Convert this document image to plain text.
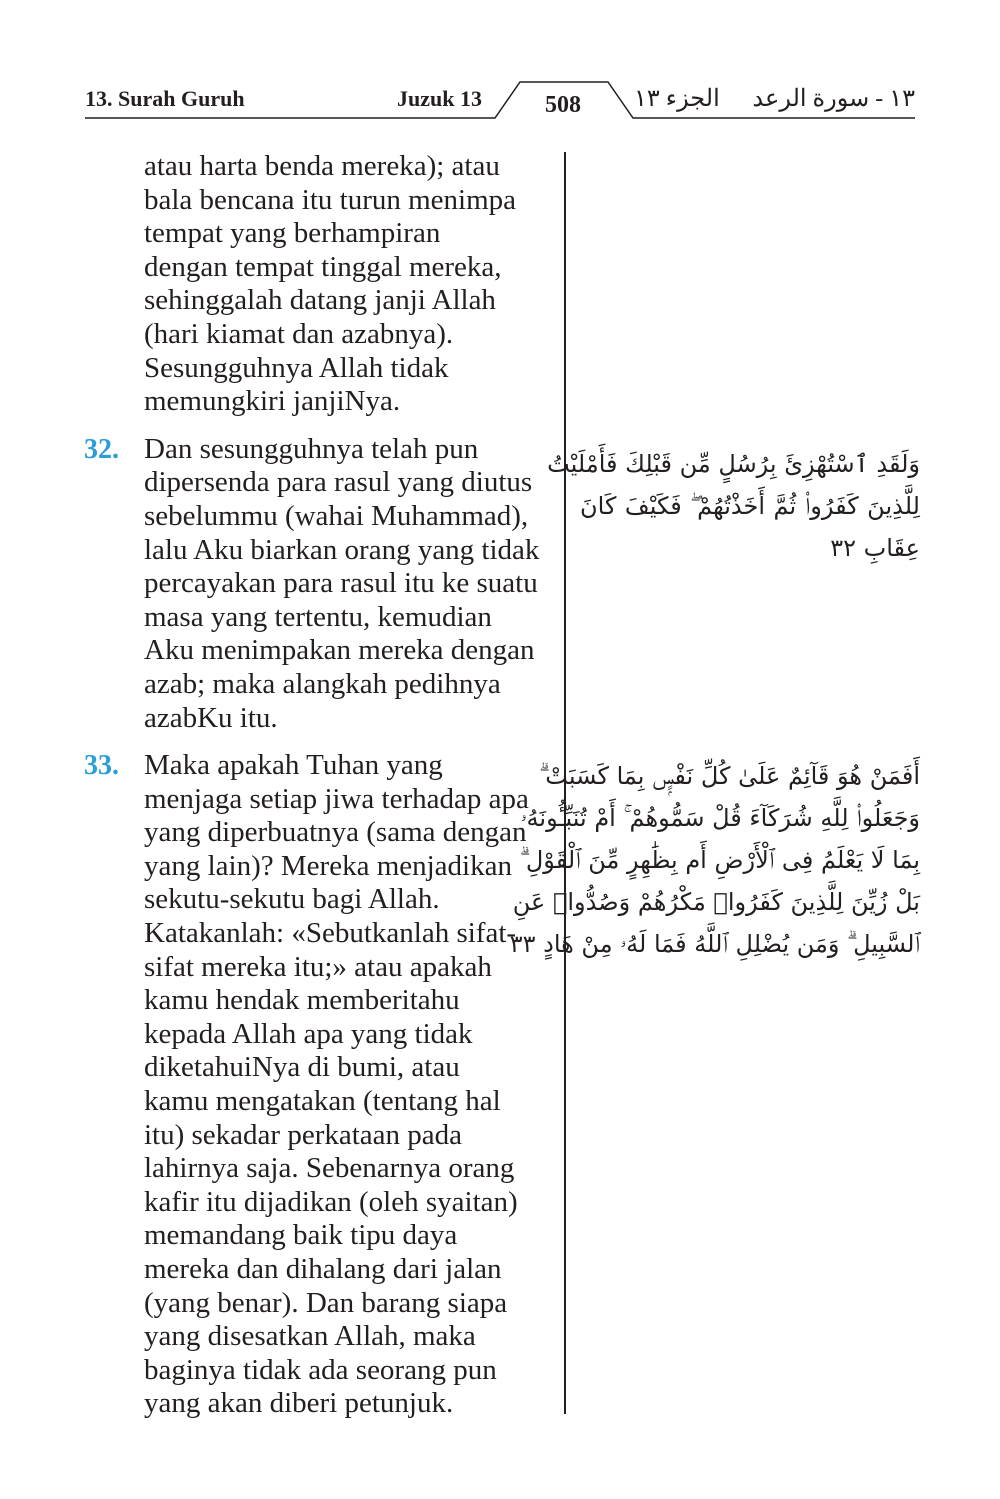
13. Surah Guruh	Juzuk 13	508	الجزء ١٣ ١٣ - سورة الرعد
atau harta benda mereka); atau
bala bencana itu turun menimpa
tempat yang berhampiran
dengan tempat tinggal mereka,
sehinggalah datang janji Allah
(hari kiamat dan azabnya).
Sesungguhnya Allah tidak
memungkiri janjiNya.
32. Dan sesungguhnya telah pun
dipersenda para rasul yang diutus
sebelummu (wahai Muhammad),
lalu Aku biarkan orang yang tidak
percayakan para rasul itu ke suatu
masa yang tertentu, kemudian
Aku menimpakan mereka dengan
azab; maka alangkah pedihnya
azabKu itu.
33. Maka apakah Tuhan yang
menjaga setiap jiwa terhadap apa
yang diperbuatnya (sama dengan
yang lain)? Mereka menjadikan
sekutu-sekutu bagi Allah.
Katakanlah: «Sebutkanlah sifat-
sifat mereka itu;» atau apakah
kamu hendak memberitahu
kepada Allah apa yang tidak
diketahuiNya di bumi, atau
kamu mengatakan (tentang hal
itu) sekadar perkataan pada
lahirnya saja. Sebenarnya orang
kafir itu dijadikan (oleh syaitan)
memandang baik tipu daya
mereka dan dihalang dari jalan
(yang benar). Dan barang siapa
yang disesatkan Allah, maka
baginya tidak ada seorang pun
yang akan diberi petunjuk.
وَلَقَدِ ٱسْتُهْزِئَ بِرُسُلٍ مِّن قَبْلِكَ فَأَمْلَيْتُ
لِلَّذِينَ كَفَرُوا۟ ثُمَّ أَخَذْتُهُمْ ۖ فَكَيْفَ كَانَ
عِقَابِ ٣٢
أَفَمَنْ هُوَ قَآئِمٌ عَلَىٰ كُلِّ نَفْسٍۭ بِمَا كَسَبَتْ ۗ
وَجَعَلُوا۟ لِلَّهِ شُرَكَآءَ قُلْ سَمُّوهُمْ ۚ أَمْ تُنَبِّـُٔونَهُۥ
بِمَا لَا يَعْلَمُ فِى ٱلْأَرْضِ أَم بِظَٰهِرٍ مِّنَ ٱلْقَوْلِ ۗ
بَلْ زُيِّنَ لِلَّذِينَ كَفَرُوا۟ مَكْرُهُمْ وَصُدُّوا۟ عَنِ
ٱلسَّبِيلِ ۗ وَمَن يُضْلِلِ ٱللَّهُ فَمَا لَهُۥ مِنْ هَادٍ ٣٣
